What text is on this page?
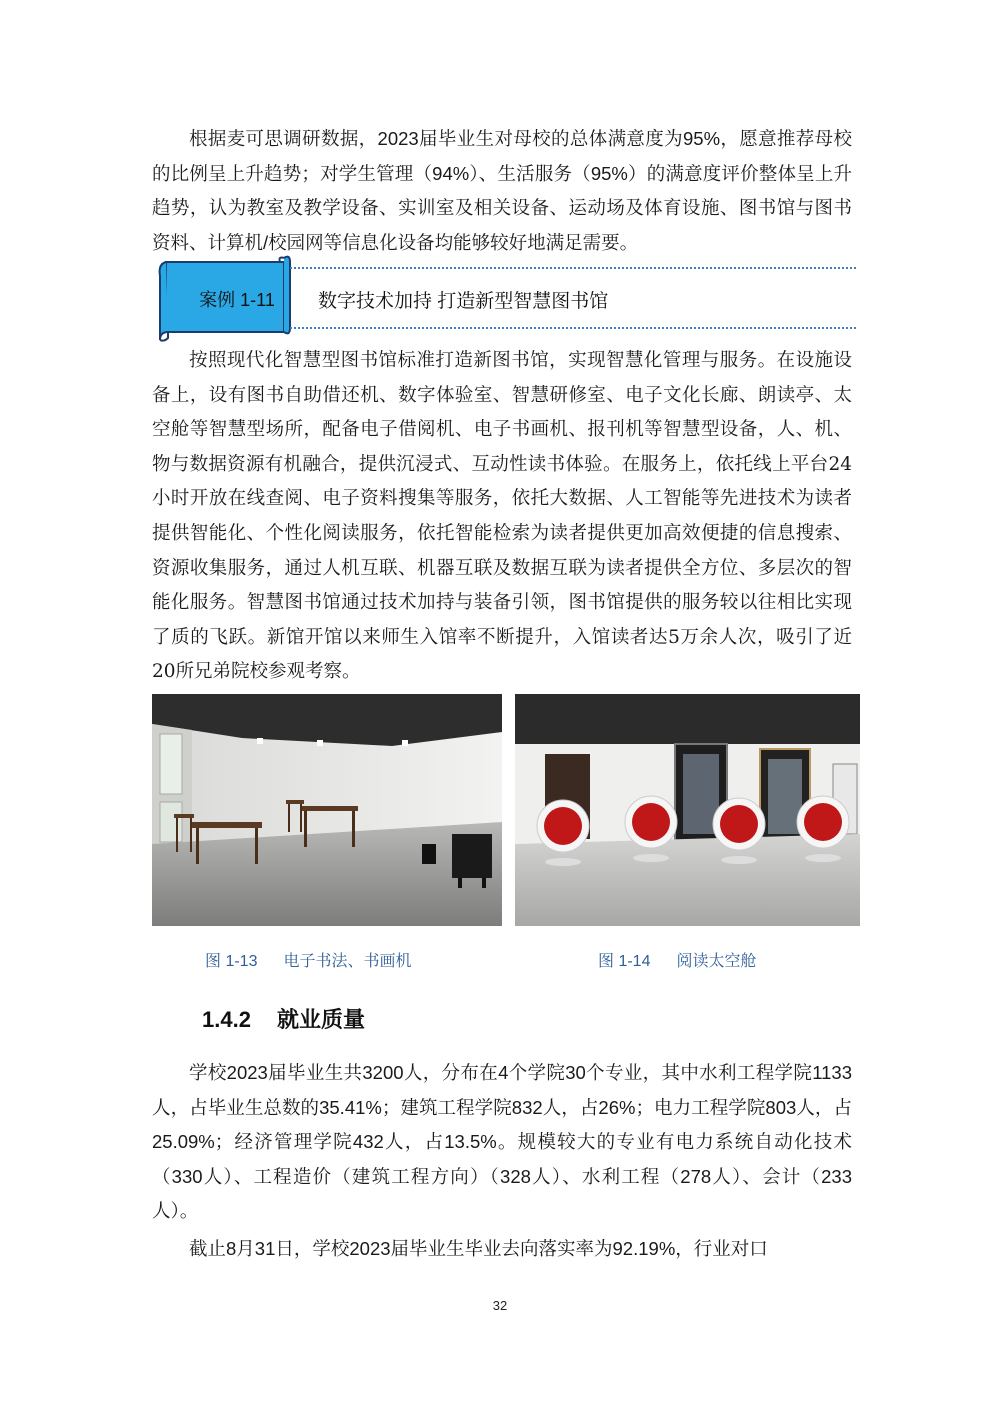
根据麦可思调研数据，2023届毕业生对母校的总体满意度为95%，愿意推荐母校的比例呈上升趋势；对学生管理（94%）、生活服务（95%）的满意度评价整体呈上升趋势，认为教室及教学设备、实训室及相关设备、运动场及体育设施、图书馆与图书资料、计算机/校园网等信息化设备均能够较好地满足需要。

案例 1-11	数字技术加持 打造新型智慧图书馆

按照现代化智慧型图书馆标准打造新图书馆，实现智慧化管理与服务。在设施设备上，设有图书自助借还机、数字体验室、智慧研修室、电子文化长廊、朗读亭、太空舱等智慧型场所，配备电子借阅机、电子书画机、报刊机等智慧型设备，人、机、物与数据资源有机融合，提供沉浸式、互动性读书体验。在服务上，依托线上平台24小时开放在线查阅、电子资料搜集等服务，依托大数据、人工智能等先进技术为读者提供智能化、个性化阅读服务，依托智能检索为读者提供更加高效便捷的信息搜索、资源收集服务，通过人机互联、机器互联及数据互联为读者提供全方位、多层次的智能化服务。智慧图书馆通过技术加持与装备引领，图书馆提供的服务较以往相比实现了质的飞跃。新馆开馆以来师生入馆率不断提升，入馆读者达5万余人次，吸引了近20所兄弟院校参观考察。

图 1-13 电子书法、书画机	图 1-14 阅读太空舱
1.4.2 就业质量

学校2023届毕业生共3200人，分布在4个学院30个专业，其中水利工程学院1133人，占毕业生总数的35.41%；建筑工程学院832人，占26%；电力工程学院803人，占25.09%；经济管理学院432人，占13.5%。规模较大的专业有电力系统自动化技术（330人）、工程造价（建筑工程方向）（328人）、水利工程（278人）、会计（233人）。

截止8月31日，学校2023届毕业生毕业去向落实率为92.19%，行业对口

32
